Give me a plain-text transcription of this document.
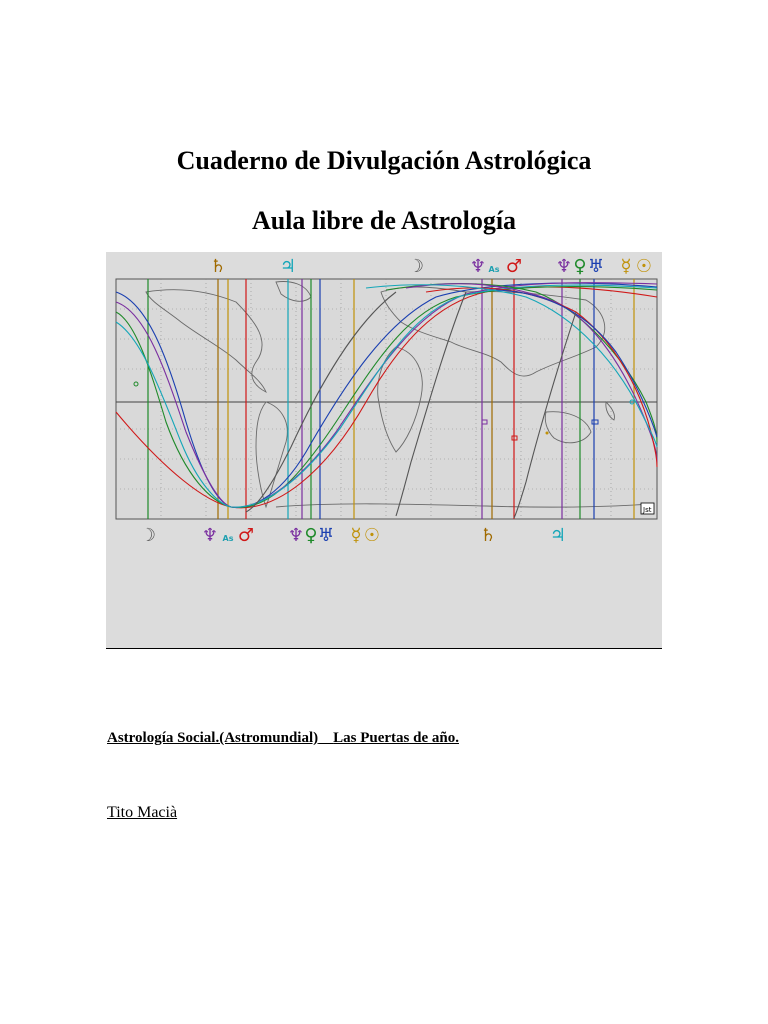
Cuaderno de Divulgación Astrológica
Aula libre de Astrología
Jst
♄	♃	☽	♆ As ♂ ♆ ♀ ♅ ☿ ☉
☽	♆ As ♂ ♆ ♀ ♅ ☿ ☉	♄	♃
Astrología Social.(Astromundial) Las Puertas de año.
Tito Macià
